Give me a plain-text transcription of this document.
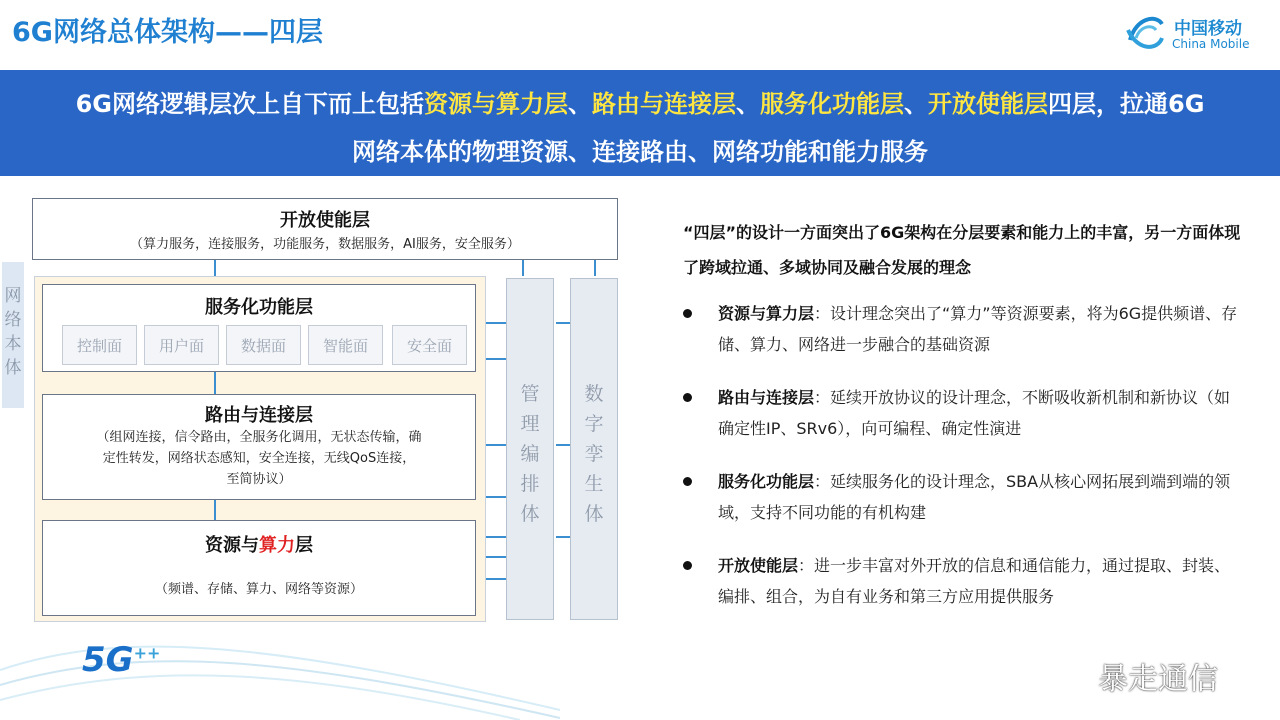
6G网络总体架构——四层	中国移动
China Mobile
6G网络逻辑层次上自下而上包括资源与算力层、路由与连接层、服务化功能层、开放使能层四层，拉通6G
网络本体的物理资源、连接路由、网络功能和能力服务
网络本体
开放使能层
（算力服务，连接服务，功能服务，数据服务，AI服务，安全服务）
服务化功能层
控制面	用户面	数据面	智能面	安全面
路由与连接层
（组网连接，信令路由，全服务化调用，无状态传输，确
定性转发，网络状态感知，安全连接，无线QoS连接，
至简协议）
资源与算力层
（频谱、存储、算力、网络等资源）
管
理
编
排
体
数
字
孪
生
体
“四层”的设计一方面突出了6G架构在分层要素和能力上的丰富，另一方面体现了跨域拉通、多域协同及融合发展的理念
资源与算力层：设计理念突出了“算力”等资源要素，将为6G提供频谱、存储、算力、网络进一步融合的基础资源
路由与连接层：延续开放协议的设计理念，不断吸收新机制和新协议（如确定性IP、SRv6），向可编程、确定性演进
服务化功能层：延续服务化的设计理念，SBA从核心网拓展到端到端的领域，支持不同功能的有机构建
开放使能层：进一步丰富对外开放的信息和通信能力，通过提取、封装、编排、组合，为自有业务和第三方应用提供服务
5G++
暴走通信
